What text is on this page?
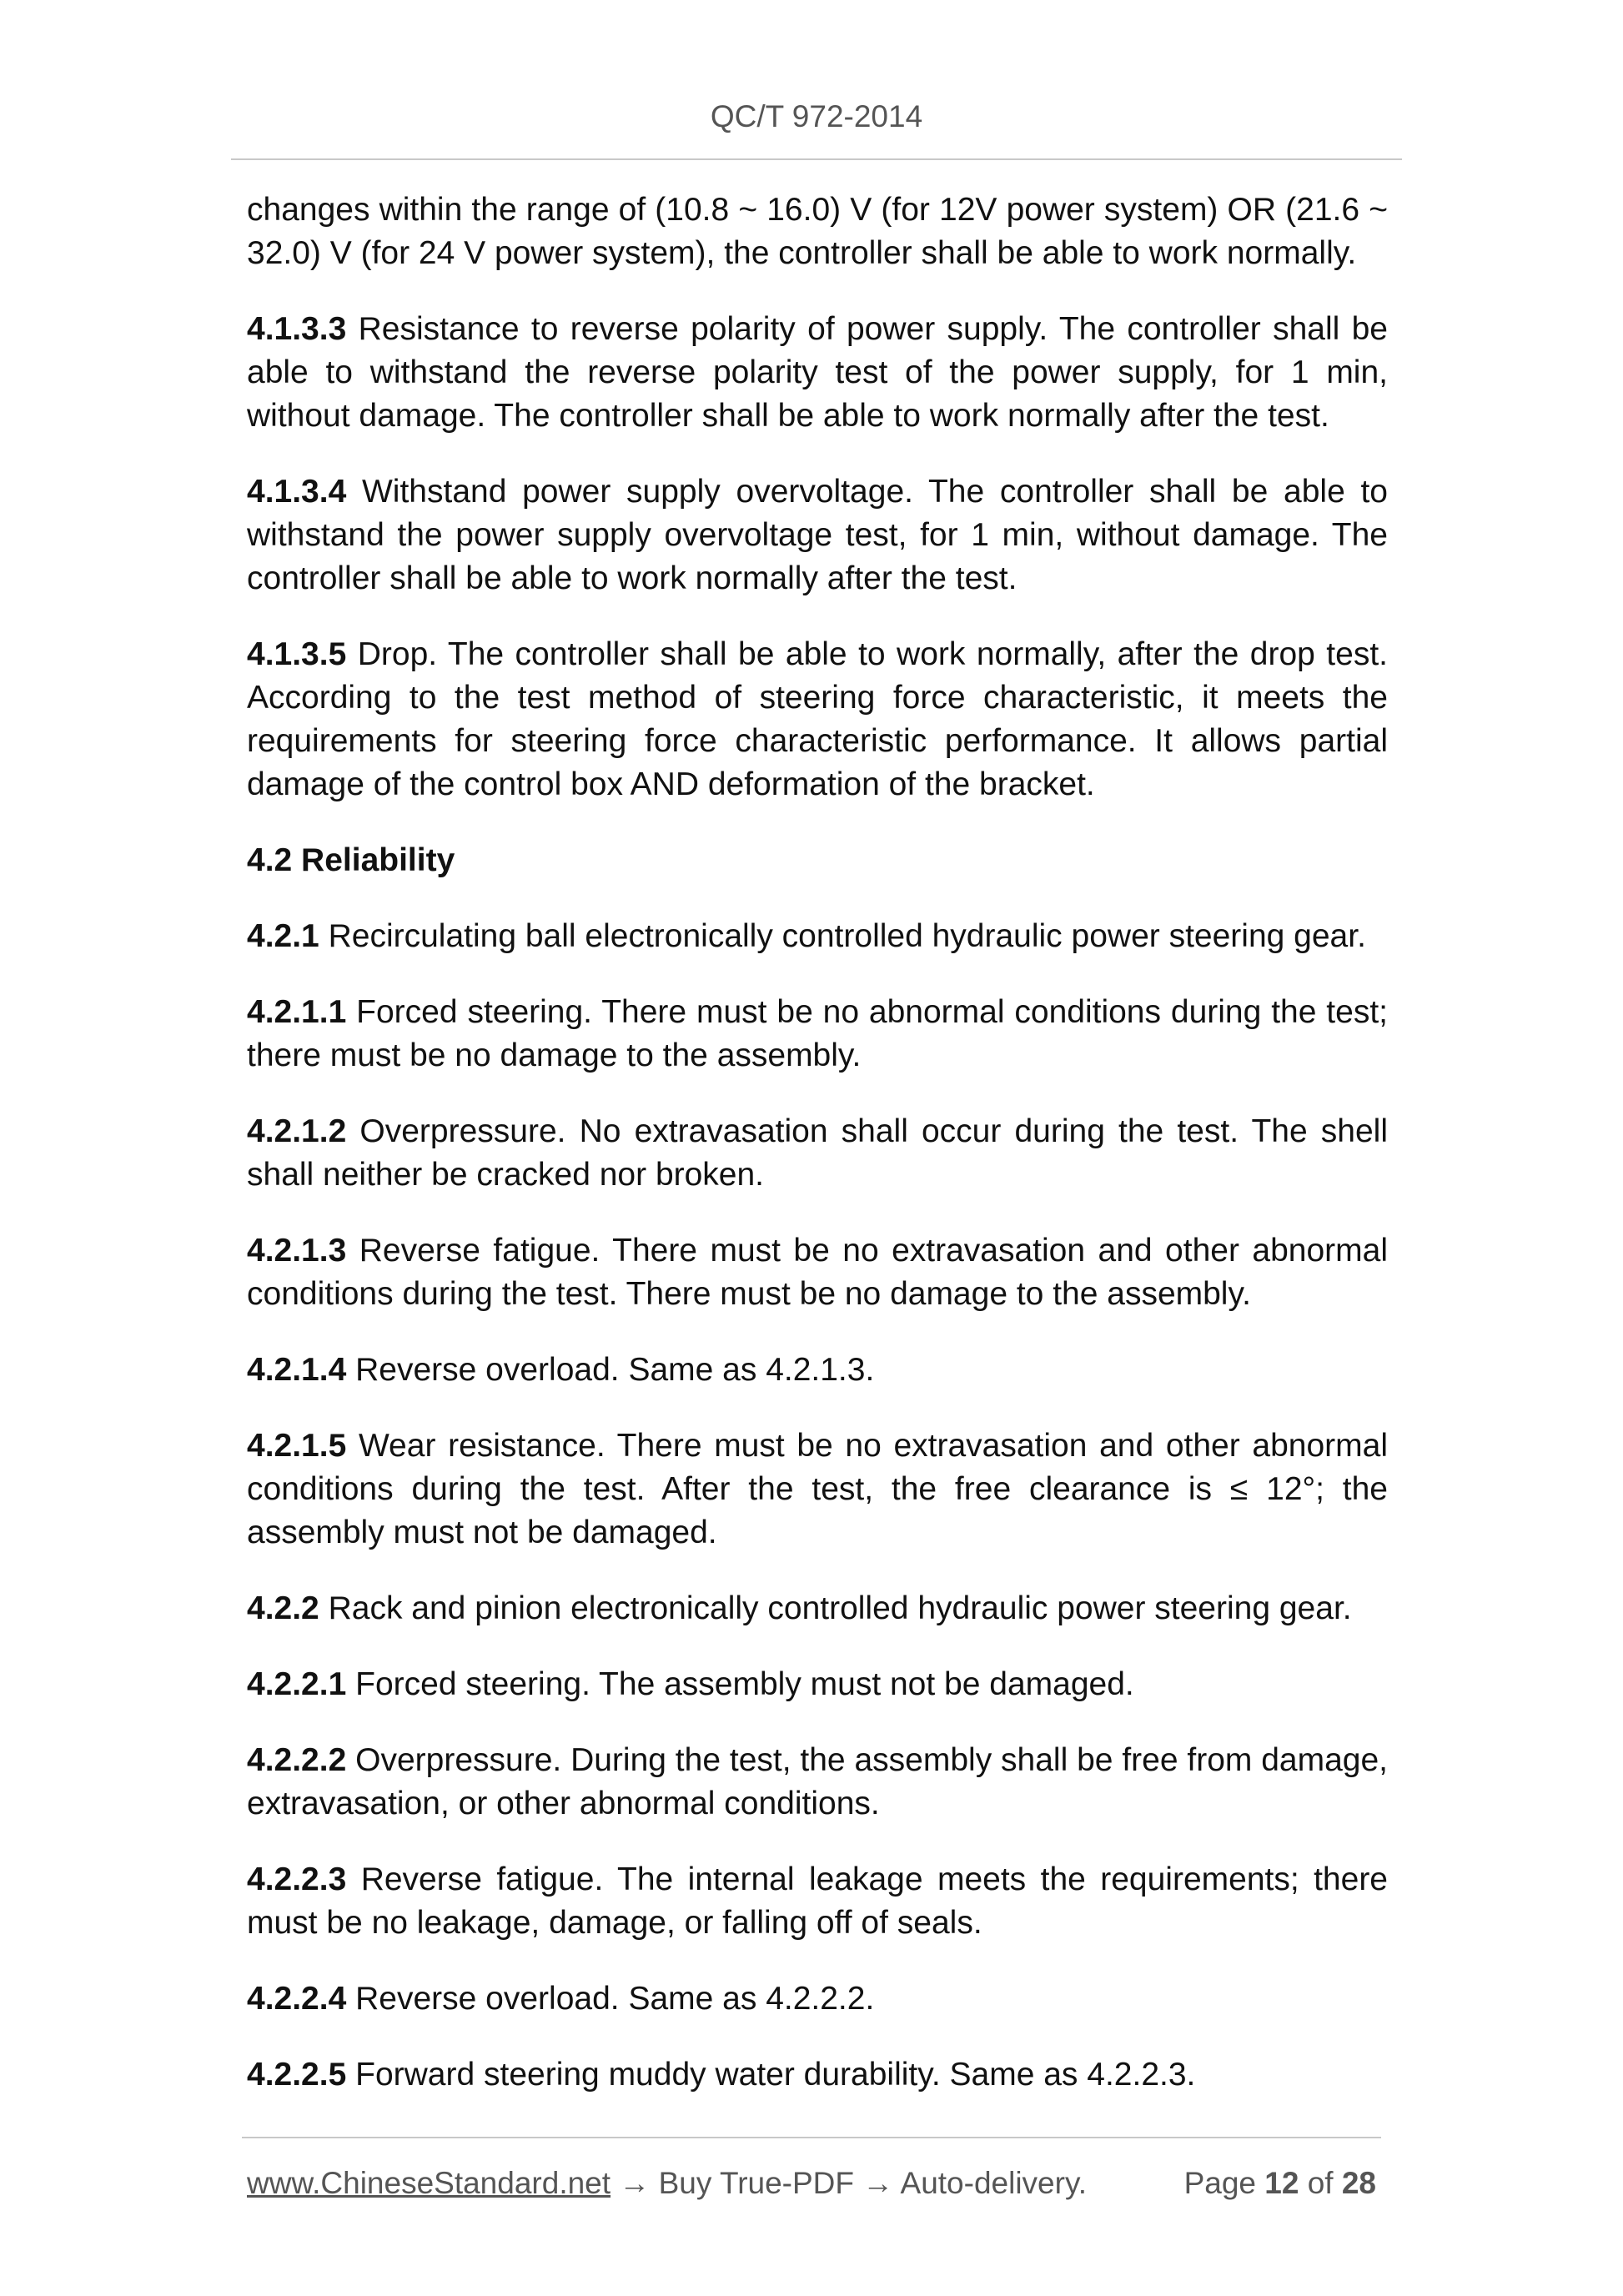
QC/T 972-2014

changes within the range of (10.8 ~ 16.0) V (for 12V power system) OR (21.6 ~ 32.0) V (for 24 V power system), the controller shall be able to work normally.

4.1.3.3 Resistance to reverse polarity of power supply. The controller shall be able to withstand the reverse polarity test of the power supply, for 1 min, without damage. The controller shall be able to work normally after the test.

4.1.3.4 Withstand power supply overvoltage. The controller shall be able to withstand the power supply overvoltage test, for 1 min, without damage. The controller shall be able to work normally after the test.

4.1.3.5 Drop. The controller shall be able to work normally, after the drop test. According to the test method of steering force characteristic, it meets the requirements for steering force characteristic performance. It allows partial damage of the control box AND deformation of the bracket.

4.2 Reliability

4.2.1 Recirculating ball electronically controlled hydraulic power steering gear.

4.2.1.1 Forced steering. There must be no abnormal conditions during the test; there must be no damage to the assembly.

4.2.1.2 Overpressure. No extravasation shall occur during the test. The shell shall neither be cracked nor broken.

4.2.1.3 Reverse fatigue. There must be no extravasation and other abnormal conditions during the test. There must be no damage to the assembly.

4.2.1.4 Reverse overload. Same as 4.2.1.3.

4.2.1.5 Wear resistance. There must be no extravasation and other abnormal conditions during the test. After the test, the free clearance is ≤ 12°; the assembly must not be damaged.

4.2.2 Rack and pinion electronically controlled hydraulic power steering gear.

4.2.2.1 Forced steering. The assembly must not be damaged.

4.2.2.2 Overpressure. During the test, the assembly shall be free from damage, extravasation, or other abnormal conditions.

4.2.2.3 Reverse fatigue. The internal leakage meets the requirements; there must be no leakage, damage, or falling off of seals.

4.2.2.4 Reverse overload. Same as 4.2.2.2.

4.2.2.5 Forward steering muddy water durability. Same as 4.2.2.3.

www.ChineseStandard.net → Buy True-PDF → Auto-delivery.	Page 12 of 28
